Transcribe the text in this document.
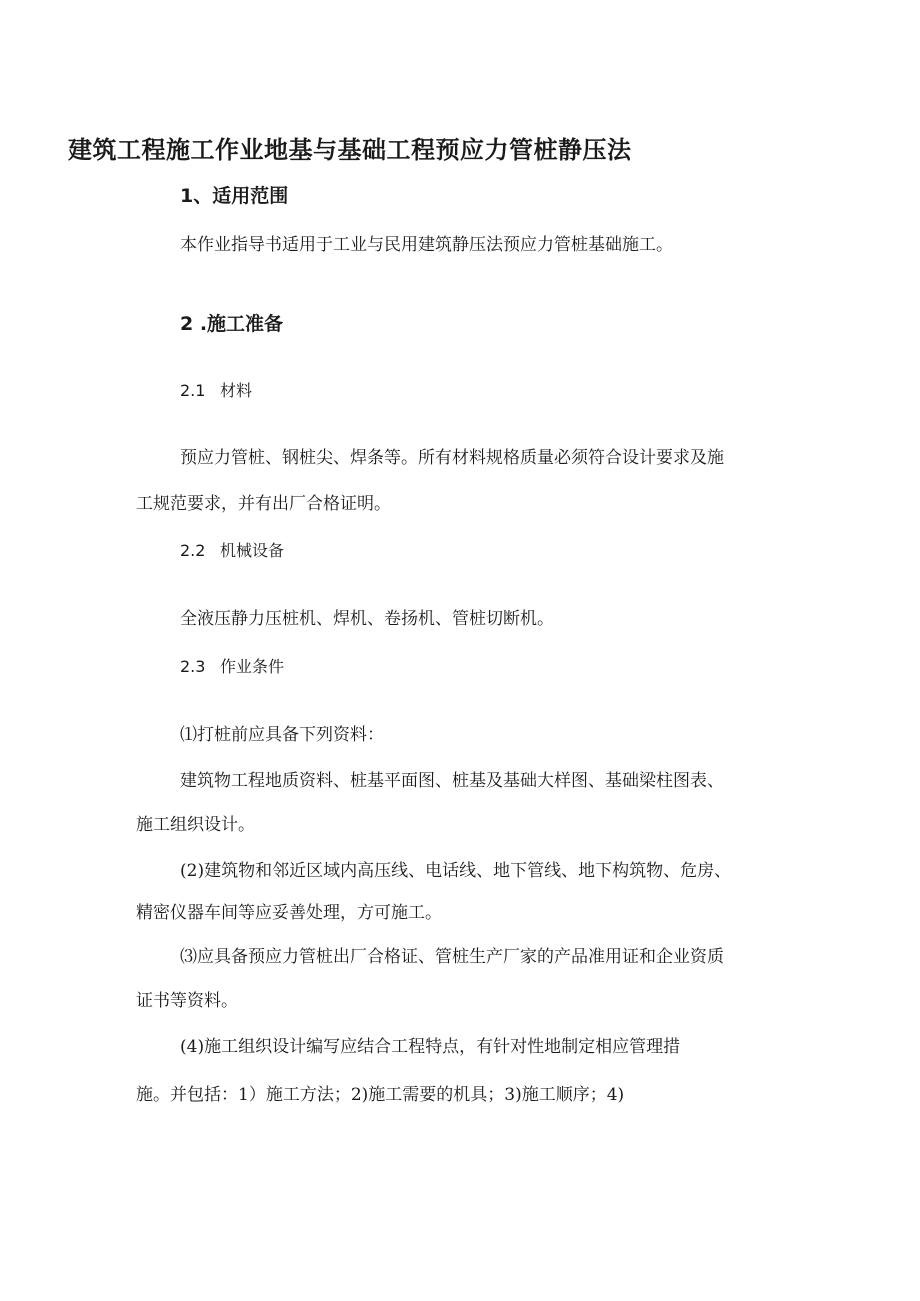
建筑工程施工作业地基与基础工程预应力管桩静压法
1、适用范围

本作业指导书适用于工业与民用建筑静压法预应力管桩基础施工。

2 .施工准备
2.1 材料

预应力管桩、钢桩尖、焊条等。所有材料规格质量必须符合设计要求及施

工规范要求，并有出厂合格证明。

2.2 机械设备

全液压静力压桩机、焊机、卷扬机、管桩切断机。

2.3 作业条件

⑴打桩前应具备下列资料：

建筑物工程地质资料、桩基平面图、桩基及基础大样图、基础梁柱图表、

施工组织设计。

(2)建筑物和邻近区域内高压线、电话线、地下管线、地下构筑物、危房、

精密仪器车间等应妥善处理，方可施工。

⑶应具备预应力管桩出厂合格证、管桩生产厂家的产品准用证和企业资质

证书等资料。

(4)施工组织设计编写应结合工程特点，有针对性地制定相应管理措

施。并包括：1）施工方法；2)施工需要的机具；3)施工顺序；4)
